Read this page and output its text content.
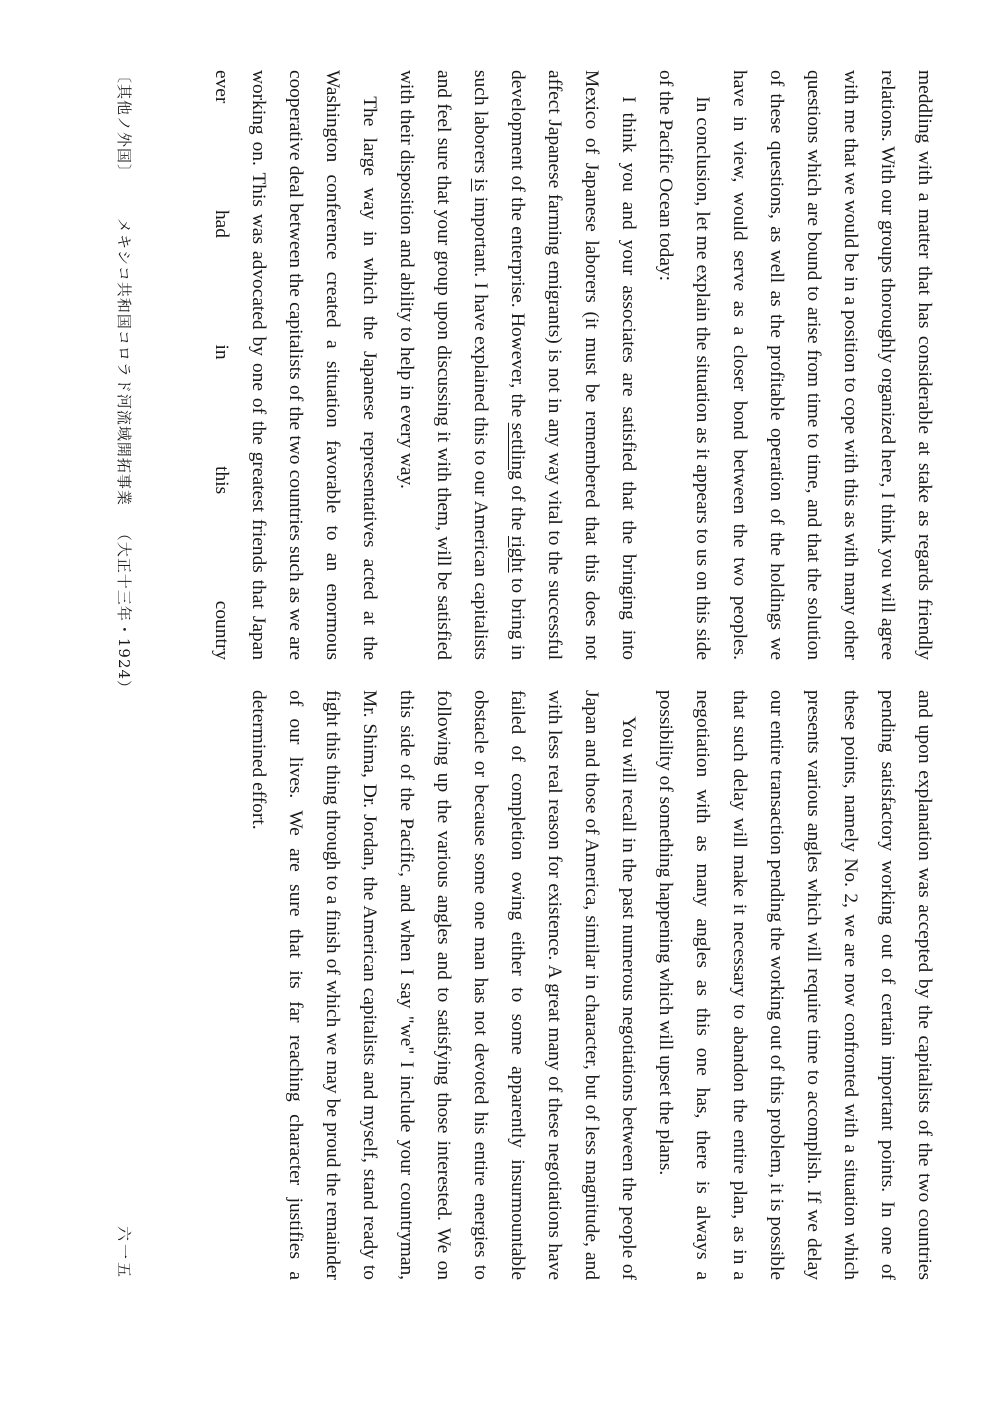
meddling with a matter that has considerable at stake as regards friendly relations. With our groups thoroughly organized here, I think you will agree with me that we would be in a position to cope with this as with many other questions which are bound to arise from time to time, and that the solution of these questions, as well as the profitable operation of the holdings we have in view, would serve as a closer bond between the two peoples.

In conclusion, let me explain the situation as it appears to us on this side of the Pacific Ocean today:

I think you and your associates are satisfied that the bringing into Mexico of Japanese laborers (it must be remembered that this does not affect Japanese farming emigrants) is not in any way vital to the successful development of the enterprise. However, the settling of the right to bring in such laborers is important. I have explained this to our American capitalists and feel sure that your group upon discussing it with them, will be satisfied with their disposition and ability to help in every way.

The large way in which the Japanese representatives acted at the Washington conference created a situation favorable to an enormous cooperative deal between the capitalists of the two countries such as we are working on. This was advocated by one of the greatest friends that Japan ever had in this country

and upon explanation was accepted by the capitalists of the two countries pending satisfactory working out of certain important points. In one of these points, namely No. 2, we are now confronted with a situation which presents various angles which will require time to accomplish. If we delay our entire transaction pending the working out of this problem, it is possible that such delay will make it necessary to abandon the entire plan, as in a negotiation with as many angles as this one has, there is always a possibility of something happening which will upset the plans.

You will recall in the past numerous negotiations between the people of Japan and those of America, similar in character, but of less magnitude, and with less real reason for existence. A great many of these negotiations have failed of completion owing either to some apparently insurmountable obstacle or because some one man has not devoted his entire energies to following up the various angles and to satisfying those interested. We on this side of the Pacific, and when I say "we" I include your countryman, Mr. Shima, Dr. Jordan, the American capitalists and myself, stand ready to fight this thing through to a finish of which we may be proud the remainder of our lives. We are sure that its far reaching character justifies a determined effort.

〔其他ノ外国〕メキシコ共和国コロラド河流域開拓事業（大正十三年・1924）
六一五
